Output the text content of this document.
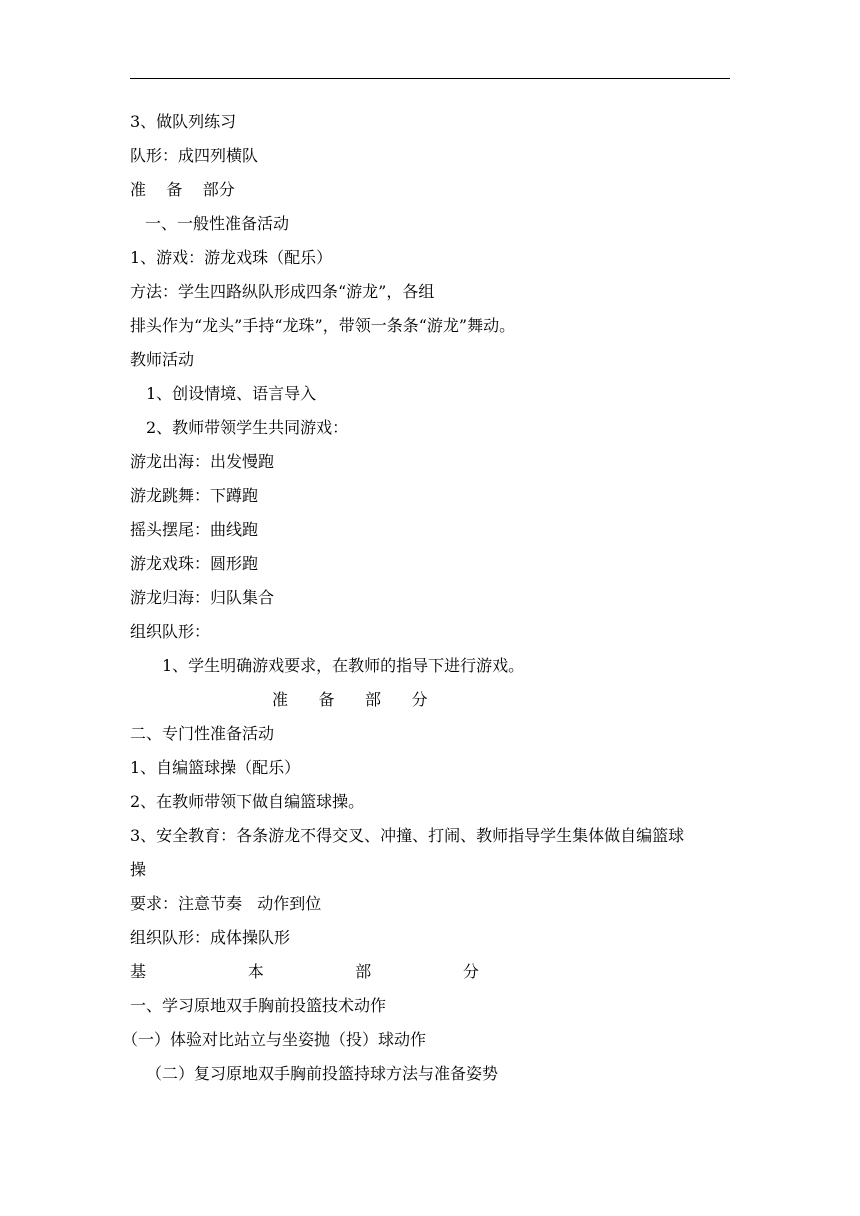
3、做队列练习
队形：成四列横队
准    备    部分
一、一般性准备活动
1、游戏：游龙戏珠（配乐）
方法：学生四路纵队形成四条“游龙”，各组
排头作为“龙头”手持“龙珠”，带领一条条“游龙”舞动。
教师活动
1、创设情境、语言导入
2、教师带领学生共同游戏：
游龙出海：出发慢跑
游龙跳舞：下蹲跑
摇头摆尾：曲线跑
游龙戏珠：圆形跑
游龙归海：归队集合
组织队形：
1、学生明确游戏要求，在教师的指导下进行游戏。
准      备      部      分
二、专门性准备活动
1、自编篮球操（配乐）
2、在教师带领下做自编篮球操。
3、安全教育：各条游龙不得交叉、冲撞、打闹、教师指导学生集体做自编篮球
操
要求：注意节奏   动作到位
组织队形：成体操队形
基                    本                  部                  分
一、学习原地双手胸前投篮技术动作
（一）体验对比站立与坐姿抛（投）球动作
（二）复习原地双手胸前投篮持球方法与准备姿势
